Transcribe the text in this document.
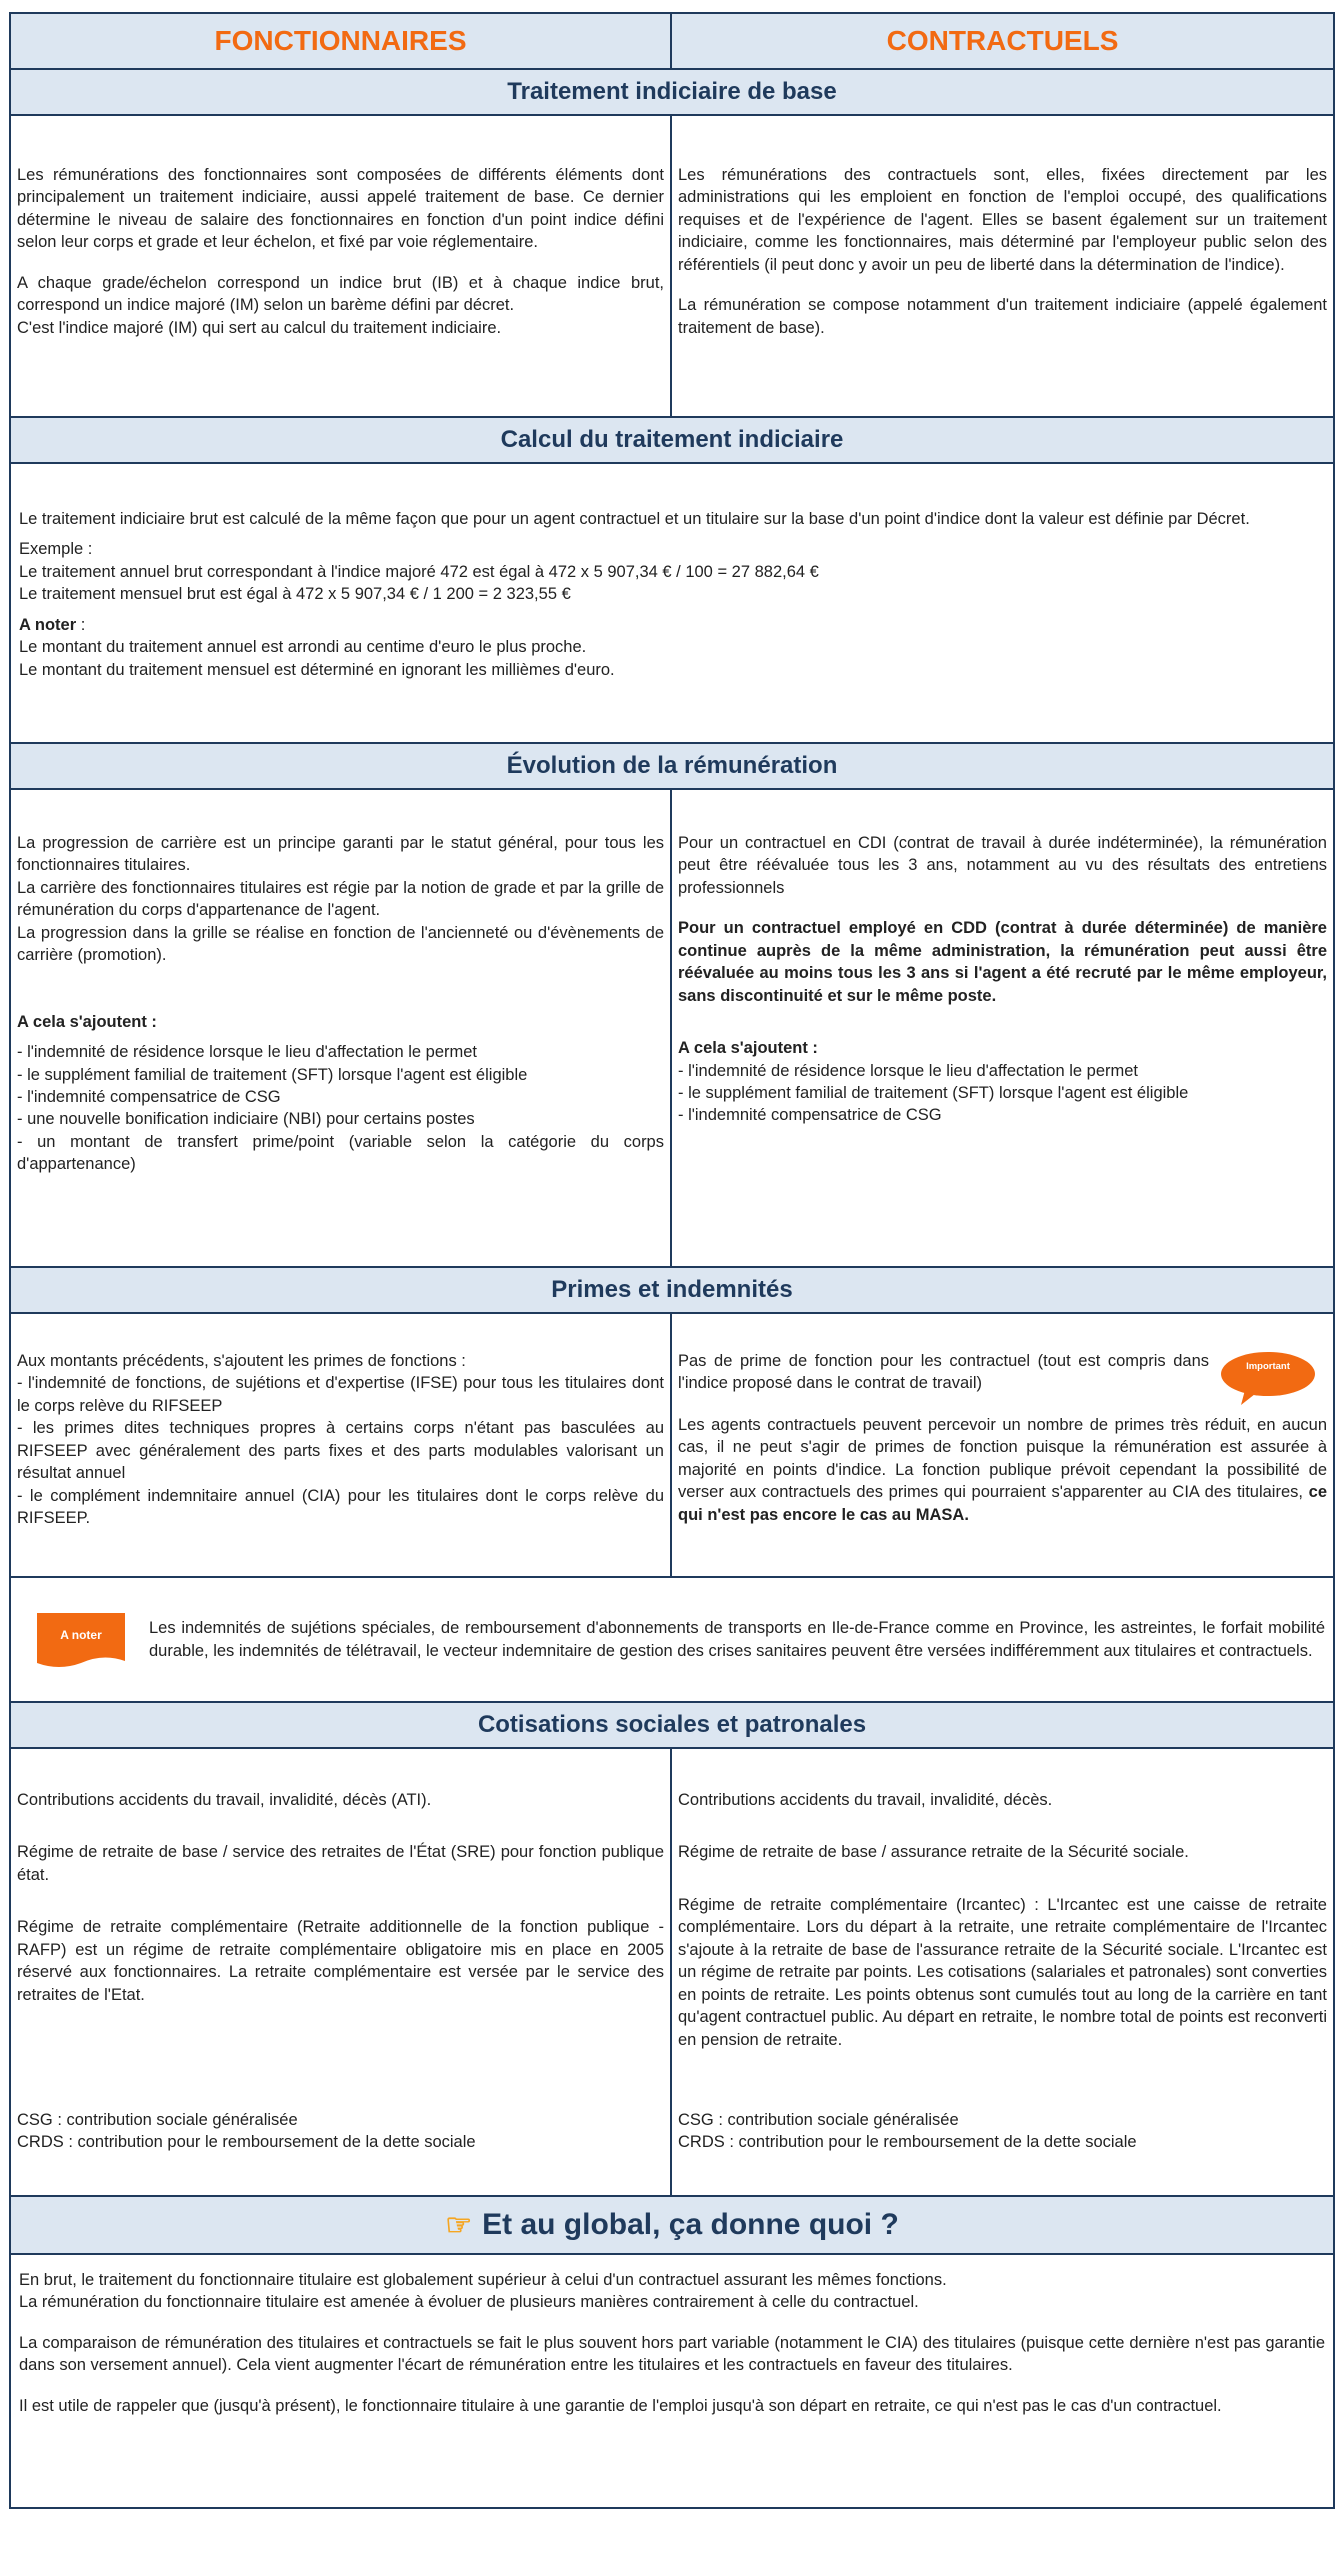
FONCTIONNAIRES	CONTRACTUELS
Traitement indiciaire de base

Les rémunérations des fonctionnaires sont composées de différents éléments dont principalement un traitement indiciaire, aussi appelé traitement de base. Ce dernier détermine le niveau de salaire des fonctionnaires en fonction d'un point indice défini selon leur corps et grade et leur échelon, et fixé par voie réglementaire.

A chaque grade/échelon correspond un indice brut (IB) et à chaque indice brut, correspond un indice majoré (IM) selon un barème défini par décret.

C'est l'indice majoré (IM) qui sert au calcul du traitement indiciaire.

Les rémunérations des contractuels sont, elles, fixées directement par les administrations qui les emploient en fonction de l'emploi occupé, des qualifications requises et de l'expérience de l'agent. Elles se basent également sur un traitement indiciaire, comme les fonctionnaires, mais déterminé par l'employeur public selon des référentiels (il peut donc y avoir un peu de liberté dans la détermination de l'indice).

La rémunération se compose notamment d'un traitement indiciaire (appelé également traitement de base).

Calcul du traitement indiciaire

Le traitement indiciaire brut est calculé de la même façon que pour un agent contractuel et un titulaire sur la base d'un point d'indice dont la valeur est définie par Décret.

Exemple :

Le traitement annuel brut correspondant à l'indice majoré 472 est égal à 472 x 5 907,34 € / 100 = 27 882,64 €

Le traitement mensuel brut est égal à 472 x 5 907,34 € / 1 200 = 2 323,55 €

A noter :

Le montant du traitement annuel est arrondi au centime d'euro le plus proche.

Le montant du traitement mensuel est déterminé en ignorant les millièmes d'euro.

Évolution de la rémunération

La progression de carrière est un principe garanti par le statut général, pour tous les fonctionnaires titulaires.

La carrière des fonctionnaires titulaires est régie par la notion de grade et par la grille de rémunération du corps d'appartenance de l'agent.

La progression dans la grille se réalise en fonction de l'ancienneté ou d'évènements de carrière (promotion).

A cela s'ajoutent :

- l'indemnité de résidence lorsque le lieu d'affectation le permet

- le supplément familial de traitement (SFT) lorsque l'agent est éligible

- l'indemnité compensatrice de CSG

- une nouvelle bonification indiciaire (NBI) pour certains postes

- un montant de transfert prime/point (variable selon la catégorie du corps d'appartenance)

Pour un contractuel en CDI (contrat de travail à durée indéterminée), la rémunération peut être réévaluée tous les 3 ans, notamment au vu des résultats des entretiens professionnels

Pour un contractuel employé en CDD (contrat à durée déterminée) de manière continue auprès de la même administration, la rémunération peut aussi être réévaluée au moins tous les 3 ans si l'agent a été recruté par le même employeur, sans discontinuité et sur le même poste.

A cela s'ajoutent :

- l'indemnité de résidence lorsque le lieu d'affectation le permet

- le supplément familial de traitement (SFT) lorsque l'agent est éligible

- l'indemnité compensatrice de CSG

Primes et indemnités

Aux montants précédents, s'ajoutent les primes de fonctions :

- l'indemnité de fonctions, de sujétions et d'expertise (IFSE) pour tous les titulaires dont le corps relève du RIFSEEP

- les primes dites techniques propres à certains corps n'étant pas basculées au RIFSEEP avec généralement des parts fixes et des parts modulables valorisant un résultat annuel

- le complément indemnitaire annuel (CIA) pour les titulaires dont le corps relève du RIFSEEP.

Pas de prime de fonction pour les contractuel (tout est compris dans l'indice proposé dans le contrat de travail)

Important

Les agents contractuels peuvent percevoir un nombre de primes très réduit, en aucun cas, il ne peut s'agir de primes de fonction puisque la rémunération est assurée à majorité en points d'indice. La fonction publique prévoit cependant la possibilité de verser aux contractuels des primes qui pourraient s'apparenter au CIA des titulaires, ce qui n'est pas encore le cas au MASA.

A noter	Les indemnités de sujétions spéciales, de remboursement d'abonnements de transports en Ile-de-France comme en Province, les astreintes, le forfait mobilité durable, les indemnités de télétravail, le vecteur indemnitaire de gestion des crises sanitaires peuvent être versées indifféremment aux titulaires et contractuels.

Cotisations sociales et patronales

Contributions accidents du travail, invalidité, décès (ATI).

Régime de retraite de base / service des retraites de l'État (SRE) pour fonction publique état.

Régime de retraite complémentaire (Retraite additionnelle de la fonction publique - RAFP) est un régime de retraite complémentaire obligatoire mis en place en 2005 réservé aux fonctionnaires. La retraite complémentaire est versée par le service des retraites de l'Etat.

CSG : contribution sociale généralisée

CRDS : contribution pour le remboursement de la dette sociale

Contributions accidents du travail, invalidité, décès.

Régime de retraite de base / assurance retraite de la Sécurité sociale.

Régime de retraite complémentaire (Ircantec) : L'Ircantec est une caisse de retraite complémentaire. Lors du départ à la retraite, une retraite complémentaire de l'Ircantec s'ajoute à la retraite de base de l'assurance retraite de la Sécurité sociale. L'Ircantec est un régime de retraite par points. Les cotisations (salariales et patronales) sont converties en points de retraite. Les points obtenus sont cumulés tout au long de la carrière en tant qu'agent contractuel public. Au départ en retraite, le nombre total de points est reconverti en pension de retraite.

CSG : contribution sociale généralisée

CRDS : contribution pour le remboursement de la dette sociale

☞ Et au global, ça donne quoi ?

En brut, le traitement du fonctionnaire titulaire est globalement supérieur à celui d'un contractuel assurant les mêmes fonctions.

La rémunération du fonctionnaire titulaire est amenée à évoluer de plusieurs manières contrairement à celle du contractuel.

La comparaison de rémunération des titulaires et contractuels se fait le plus souvent hors part variable (notamment le CIA) des titulaires (puisque cette dernière n'est pas garantie dans son versement annuel). Cela vient augmenter l'écart de rémunération entre les titulaires et les contractuels en faveur des titulaires.

Il est utile de rappeler que (jusqu'à présent), le fonctionnaire titulaire à une garantie de l'emploi jusqu'à son départ en retraite, ce qui n'est pas le cas d'un contractuel.
